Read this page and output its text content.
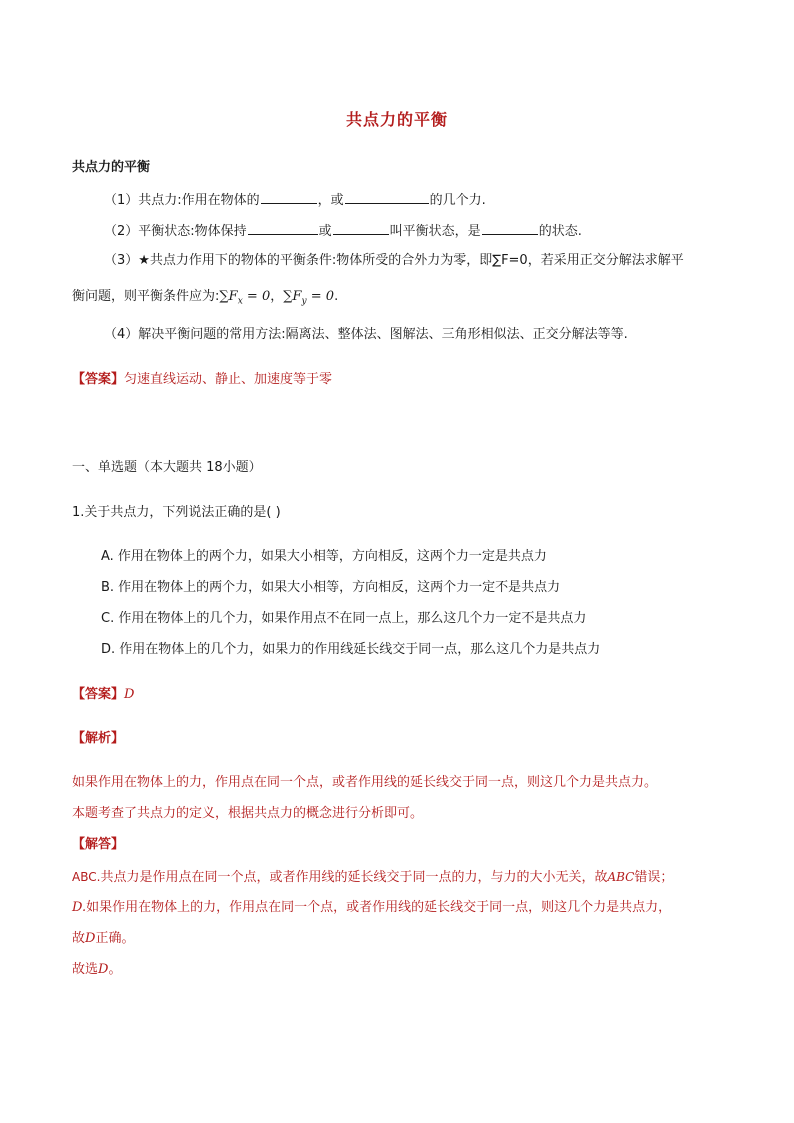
共点力的平衡
共点力的平衡
（1）共点力:作用在物体的	，或	的几个力.
（2）平衡状态:物体保持	或	叫平衡状态，是	的状态.
（3）★共点力作用下的物体的平衡条件:物体所受的合外力为零，即∑F=0，若采用正交分解法求解平
衡问题，则平衡条件应为$:\sum F_x = 0$，$\sum F_y = 0$.
（4）解决平衡问题的常用方法:隔离法、整体法、图解法、三角形相似法、正交分解法等等.
【答案】匀速直线运动、静止、加速度等于零
一、单选题（本大题共 18小题）
1.关于共点力，下列说法正确的是( )
A. 作用在物体上的两个力，如果大小相等，方向相反，这两个力一定是共点力
B. 作用在物体上的两个力，如果大小相等，方向相反，这两个力一定不是共点力
C. 作用在物体上的几个力，如果作用点不在同一点上，那么这几个力一定不是共点力
D. 作用在物体上的几个力，如果力的作用线延长线交于同一点，那么这几个力是共点力
【答案】D
【解析】
如果作用在物体上的力，作用点在同一个点，或者作用线的延长线交于同一点，则这几个力是共点力。
本题考查了共点力的定义，根据共点力的概念进行分析即可。
【解答】
ABC.共点力是作用点在同一个点，或者作用线的延长线交于同一点的力，与力的大小无关，故ABC错误；
D.如果作用在物体上的力，作用点在同一个点，或者作用线的延长线交于同一点，则这几个力是共点力，
故D正确。
故选D。
